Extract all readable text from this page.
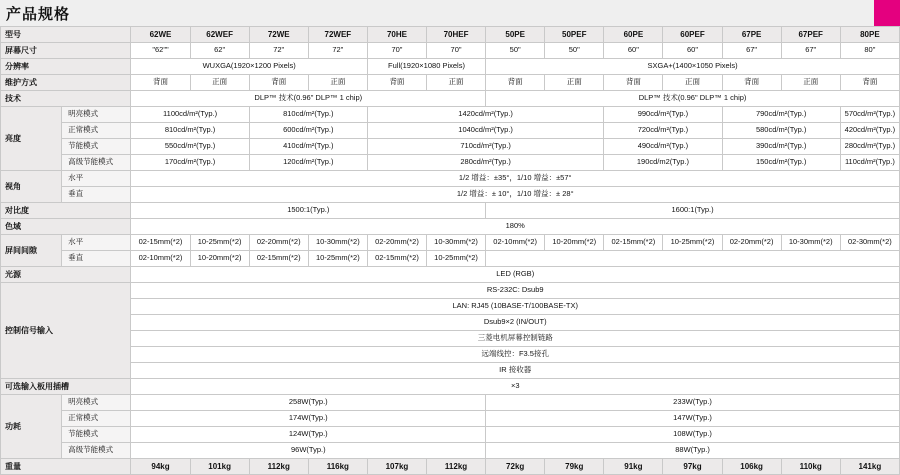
产品规格
型号		62WE	62WEF	72WE	72WEF	70HE	70HEF	50PE	50PEF	60PE	60PEF	67PE	67PEF	80PE
屏幕尺寸		"62""	62"	72"	72"	70"	70"	50"	50"	60"	60"	67"	67"	80"
分辨率		WUXGA(1920×1200 Pixels)				Full(1920×1080 Pixels)		SXGA+(1400×1050 Pixels)						
维护方式		背面	正面	背面	正面	背面	正面	背面	正面	背面	正面	背面	正面	背面
技术		DLP™ 技术(0.96" DLP™ 1 chip)						DLP™ 技术(0.96" DLP™ 1 chip)						
亮度	明亮模式	1100cd/m²(Typ.)		810cd/m²(Typ.)		1420cd/m²(Typ.)				990cd/m²(Typ.)		790cd/m²(Typ.)		570cd/m²(Typ.)
	正常模式	810cd/m²(Typ.)		600cd/m²(Typ.)		1040cd/m²(Typ.)				720cd/m²(Typ.)		580cd/m²(Typ.)		420cd/m²(Typ.)
	节能模式	550cd/m²(Typ.)		410cd/m²(Typ.)		710cd/m²(Typ.)				490cd/m²(Typ.)		390cd/m²(Typ.)		280cd/m²(Typ.)
	高级节能模式	170cd/m²(Typ.)		120cd/m²(Typ.)		280cd/m²(Typ.)				190cd/m2(Typ.)		150cd/m²(Typ.)		110cd/m²(Typ.)
视角	水平	1/2 增益：±35°，1/10 增益：±57°												
	垂直	1/2 增益：± 10°，1/10 增益：± 28°												
对比度		1500:1(Typ.)						1600:1(Typ.)						
色域		180%												
屏间间隙	水平	02-15mm(*2)	10-25mm(*2)	02-20mm(*2)	10-30mm(*2)	02-20mm(*2)	10-30mm(*2)	02-10mm(*2)	10-20mm(*2)	02-15mm(*2)	10-25mm(*2)	02-20mm(*2)	10-30mm(*2)	02-30mm(*2)
	垂直	02-10mm(*2)	10-20mm(*2)	02-15mm(*2)	10-25mm(*2)	02-15mm(*2)	10-25mm(*2)							
光源		LED (RGB)												
控制信号输入		RS-232C: Dsub9												
		LAN: RJ45 (10BASE-T/100BASE-TX)												
		Dsub9×2 (IN/OUT)												
		三菱电机屏幕控制链路												
		远端线控：F3.5接孔												
		IR 接收器												
可选输入板用插槽		×3												
功耗	明亮模式	258W(Typ.)						233W(Typ.)						
	正常模式	174W(Typ.)						147W(Typ.)						
	节能模式	124W(Typ.)						108W(Typ.)						
	高级节能模式	96W(Typ.)						88W(Typ.)						
重量		94kg	101kg	112kg	116kg	107kg	112kg	72kg	79kg	91kg	97kg	106kg	110kg	141kg
